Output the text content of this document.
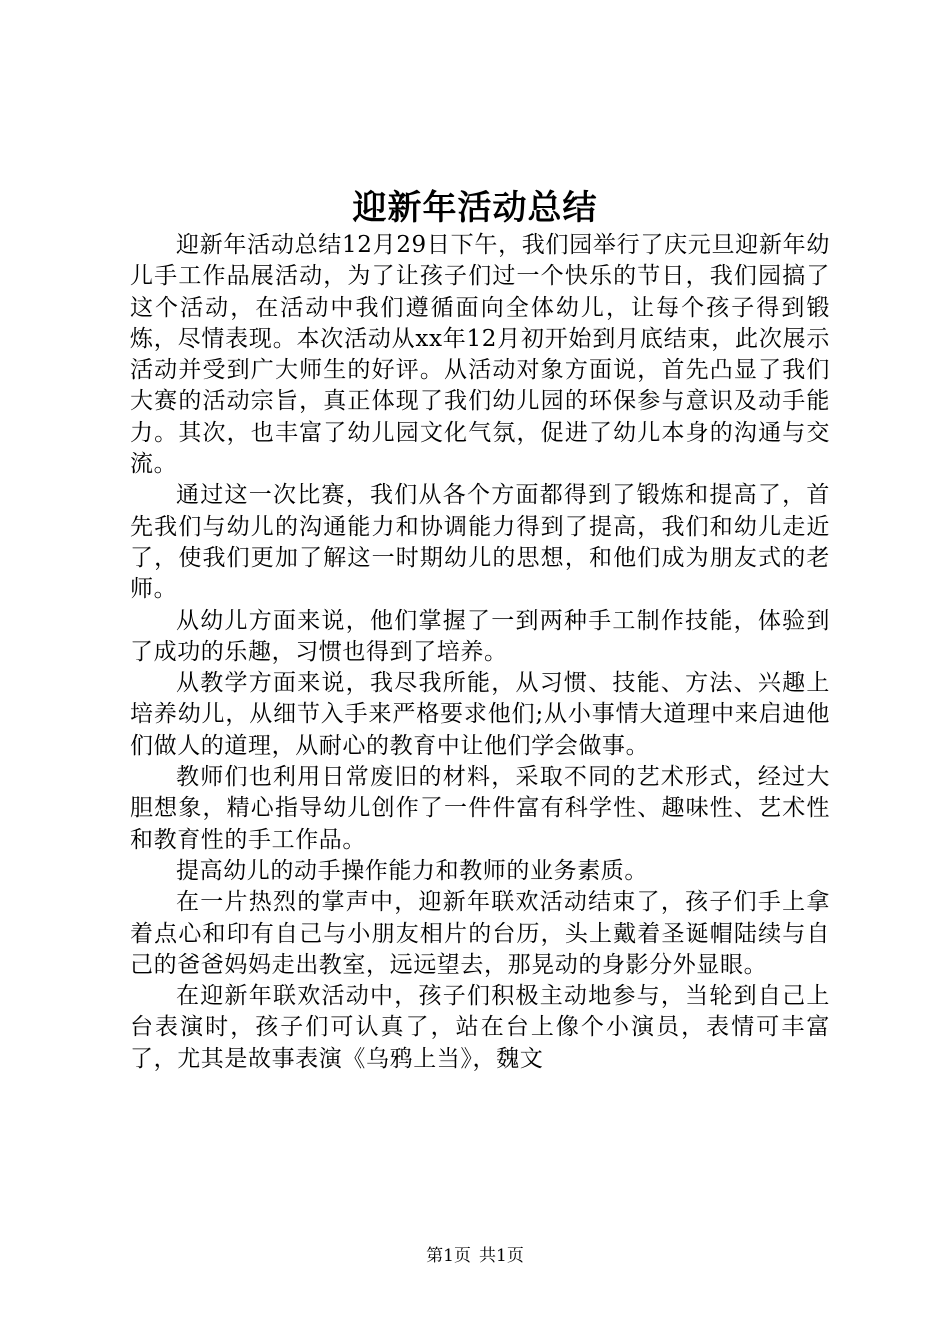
迎新年活动总结

迎新年活动总结12月29日下午，我们园举行了庆元旦迎新年幼儿手工作品展活动，为了让孩子们过一个快乐的节日，我们园搞了这个活动，在活动中我们遵循面向全体幼儿，让每个孩子得到锻炼，尽情表现。本次活动从xx年12月初开始到月底结束，此次展示活动并受到广大师生的好评。从活动对象方面说，首先凸显了我们大赛的活动宗旨，真正体现了我们幼儿园的环保参与意识及动手能力。其次，也丰富了幼儿园文化气氛，促进了幼儿本身的沟通与交流。

通过这一次比赛，我们从各个方面都得到了锻炼和提高了，首先我们与幼儿的沟通能力和协调能力得到了提高，我们和幼儿走近了，使我们更加了解这一时期幼儿的思想，和他们成为朋友式的老师。

从幼儿方面来说，他们掌握了一到两种手工制作技能，体验到了成功的乐趣，习惯也得到了培养。

从教学方面来说，我尽我所能，从习惯、技能、方法、兴趣上培养幼儿，从细节入手来严格要求他们;从小事情大道理中来启迪他们做人的道理，从耐心的教育中让他们学会做事。

教师们也利用日常废旧的材料，采取不同的艺术形式，经过大胆想象，精心指导幼儿创作了一件件富有科学性、趣味性、艺术性和教育性的手工作品。

提高幼儿的动手操作能力和教师的业务素质。

在一片热烈的掌声中，迎新年联欢活动结束了，孩子们手上拿着点心和印有自己与小朋友相片的台历，头上戴着圣诞帽陆续与自己的爸爸妈妈走出教室，远远望去，那晃动的身影分外显眼。

在迎新年联欢活动中，孩子们积极主动地参与，当轮到自己上台表演时，孩子们可认真了，站在台上像个小演员，表情可丰富了，尤其是故事表演《乌鸦上当》，魏文

第1页 共1页
